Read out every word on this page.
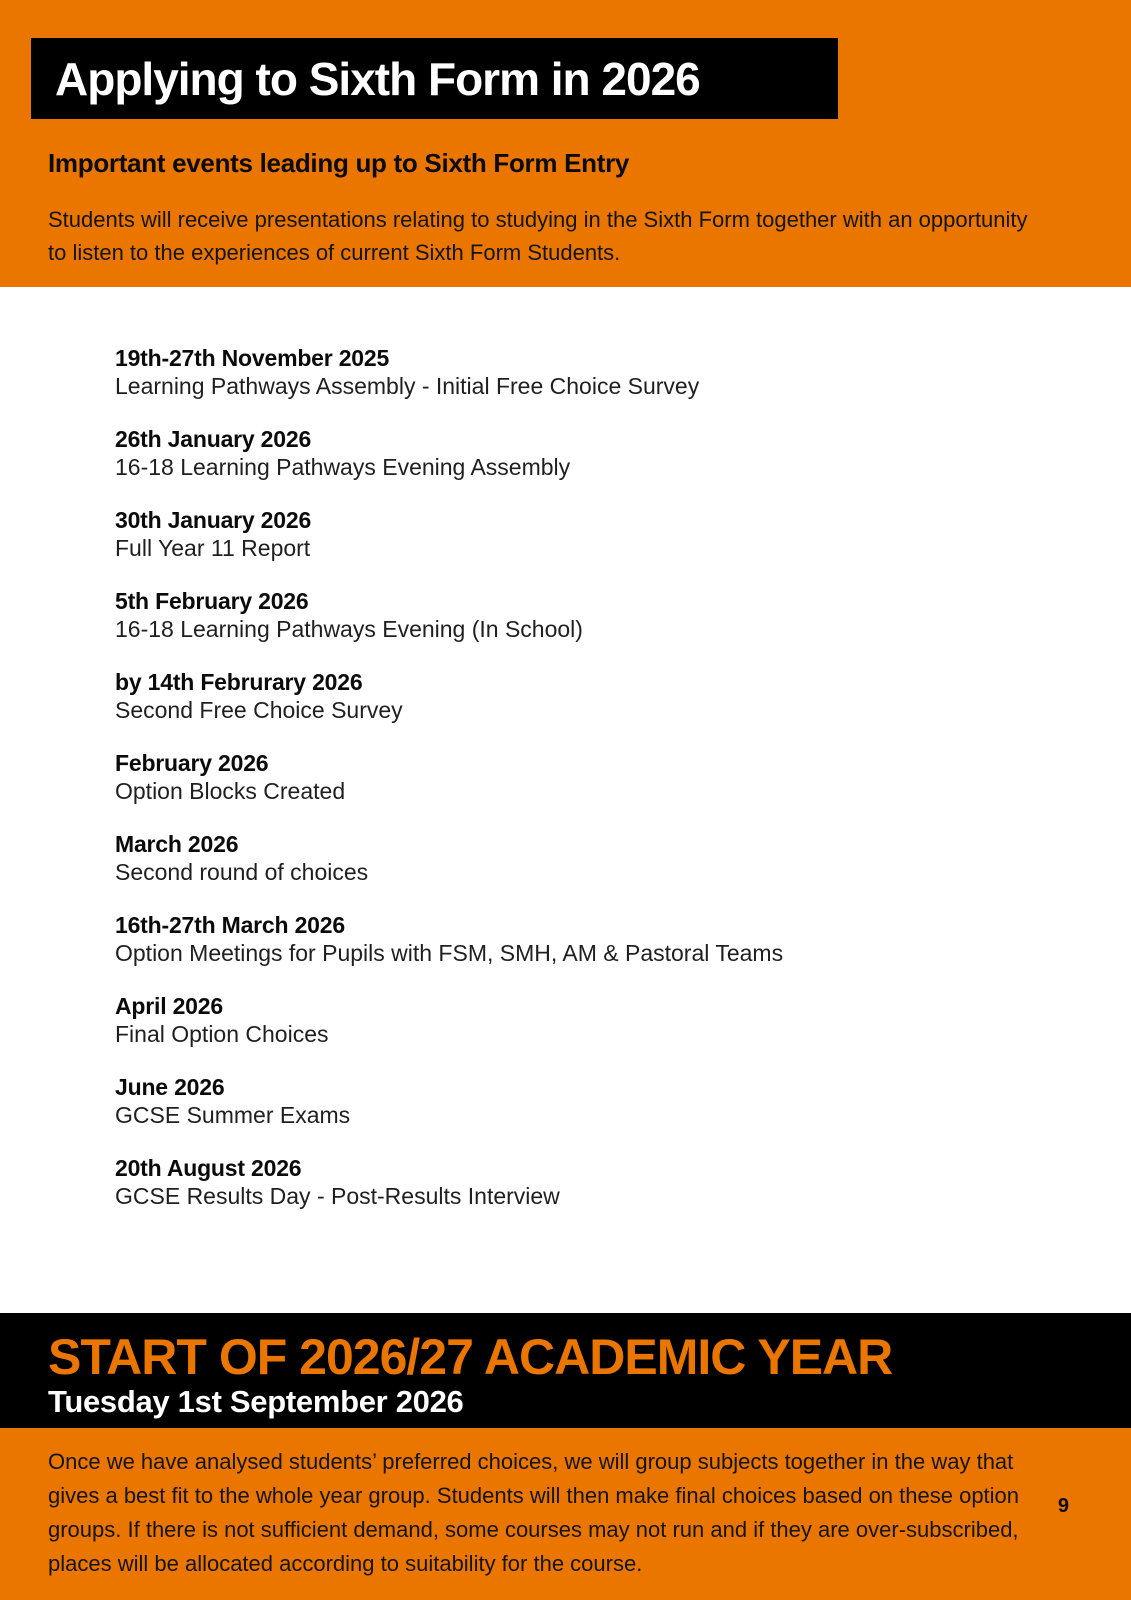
Applying to Sixth Form in 2026
Important events leading up to Sixth Form Entry
Students will receive presentations relating to studying in the Sixth Form together with an opportunity to listen to the experiences of current Sixth Form Students.
19th-27th November 2025
Learning Pathways Assembly - Initial Free Choice Survey
26th January 2026
16-18 Learning Pathways Evening Assembly
30th January 2026
Full Year 11 Report
5th February 2026
16-18 Learning Pathways Evening (In School)
by 14th Februrary 2026
Second Free Choice Survey
February 2026
Option Blocks Created
March 2026
Second round of choices
16th-27th March 2026
Option Meetings for Pupils with FSM, SMH, AM & Pastoral Teams
April 2026
Final Option Choices
June 2026
GCSE Summer Exams
20th August 2026
GCSE Results Day - Post-Results Interview
START OF 2026/27 ACADEMIC YEAR
Tuesday 1st September 2026
Once we have analysed students’ preferred choices, we will group subjects together in the way that gives a best fit to the whole year group. Students will then make final choices based on these option groups. If there is not sufficient demand, some courses may not run and if they are over-subscribed, places will be allocated according to suitability for the course.
9
